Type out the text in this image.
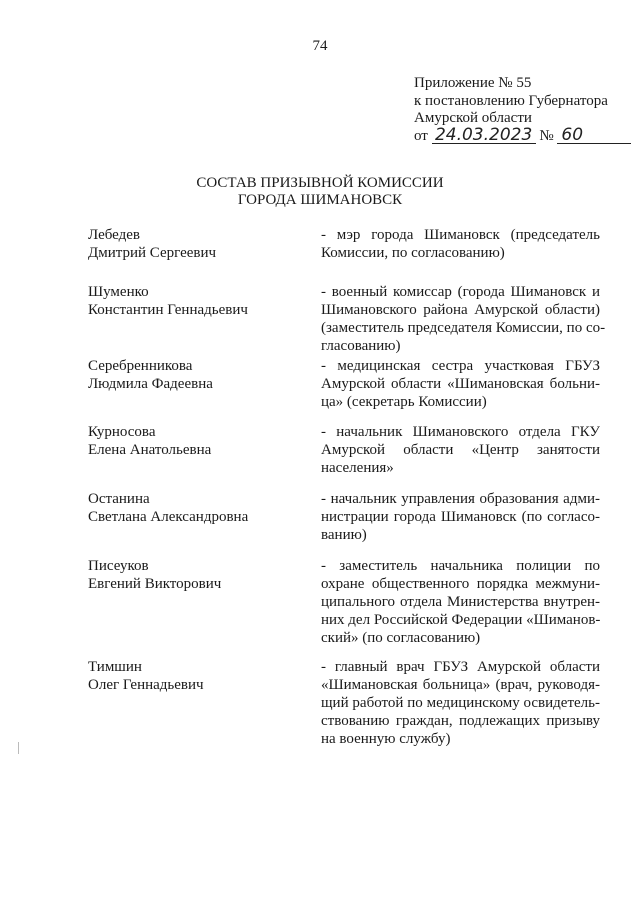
74
Приложение № 55
к постановлению Губернатора
Амурской области
от 24.03.2023 № 60
СОСТАВ ПРИЗЫВНОЙ КОМИССИИ
ГОРОДА ШИМАНОВСК
Лебедев
Дмитрий Сергеевич
- мэр города Шимановск (председатель
Комиссии, по согласованию)
Шуменко
Константин Геннадьевич
- военный комиссар (города Шимановск и
Шимановского района Амурской области)
(заместитель председателя Комиссии, по со-
гласованию)
Серебренникова
Людмила Фадеевна
- медицинская сестра участковая ГБУЗ
Амурской области «Шимановская больни-
ца» (секретарь Комиссии)
Курносова
Елена Анатольевна
- начальник Шимановского отдела ГКУ
Амурской области «Центр занятости
населения»
Останина
Светлана Александровна
- начальник управления образования адми-
нистрации города Шимановск (по согласо-
ванию)
Писеуков
Евгений Викторович
- заместитель начальника полиции по
охране общественного порядка межмуни-
ципального отдела Министерства внутрен-
них дел Российской Федерации «Шиманов-
ский» (по согласованию)
Тимшин
Олег Геннадьевич
- главный врач ГБУЗ Амурской области
«Шимановская больница» (врач, руководя-
щий работой по медицинскому освидетель-
ствованию граждан, подлежащих призыву
на военную службу)
